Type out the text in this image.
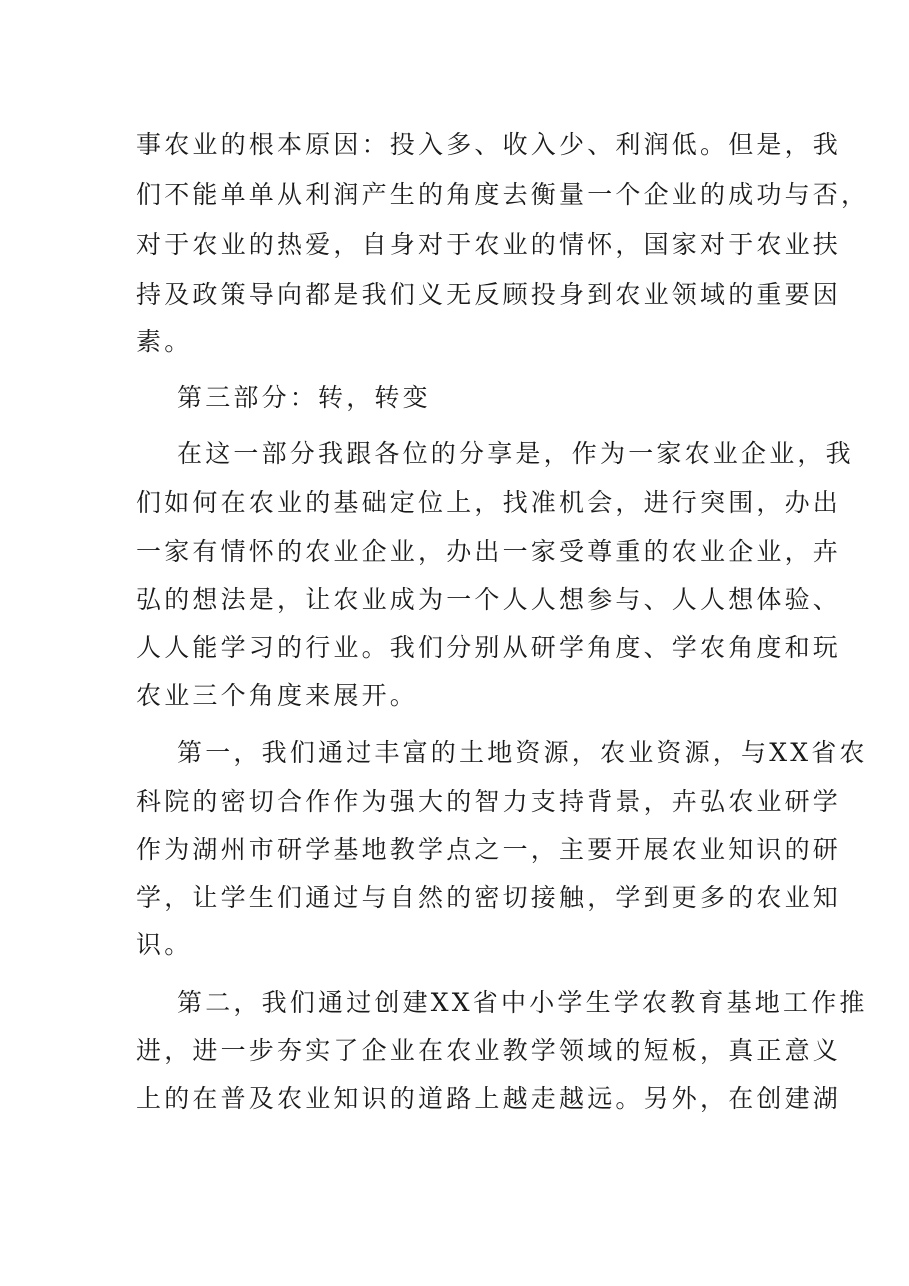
事农业的根本原因：投入多、收入少、利润低。但是，我
们不能单单从利润产生的角度去衡量一个企业的成功与否，
对于农业的热爱，自身对于农业的情怀，国家对于农业扶
持及政策导向都是我们义无反顾投身到农业领域的重要因
素。
第三部分：转，转变
在这一部分我跟各位的分享是，作为一家农业企业，我
们如何在农业的基础定位上，找准机会，进行突围，办出
一家有情怀的农业企业，办出一家受尊重的农业企业，卉
弘的想法是，让农业成为一个人人想参与、人人想体验、
人人能学习的行业。我们分别从研学角度、学农角度和玩
农业三个角度来展开。
第一，我们通过丰富的土地资源，农业资源，与XX省农
科院的密切合作作为强大的智力支持背景，卉弘农业研学
作为湖州市研学基地教学点之一，主要开展农业知识的研
学，让学生们通过与自然的密切接触，学到更多的农业知
识。
第二，我们通过创建XX省中小学生学农教育基地工作推
进，进一步夯实了企业在农业教学领域的短板，真正意义
上的在普及农业知识的道路上越走越远。另外，在创建湖
